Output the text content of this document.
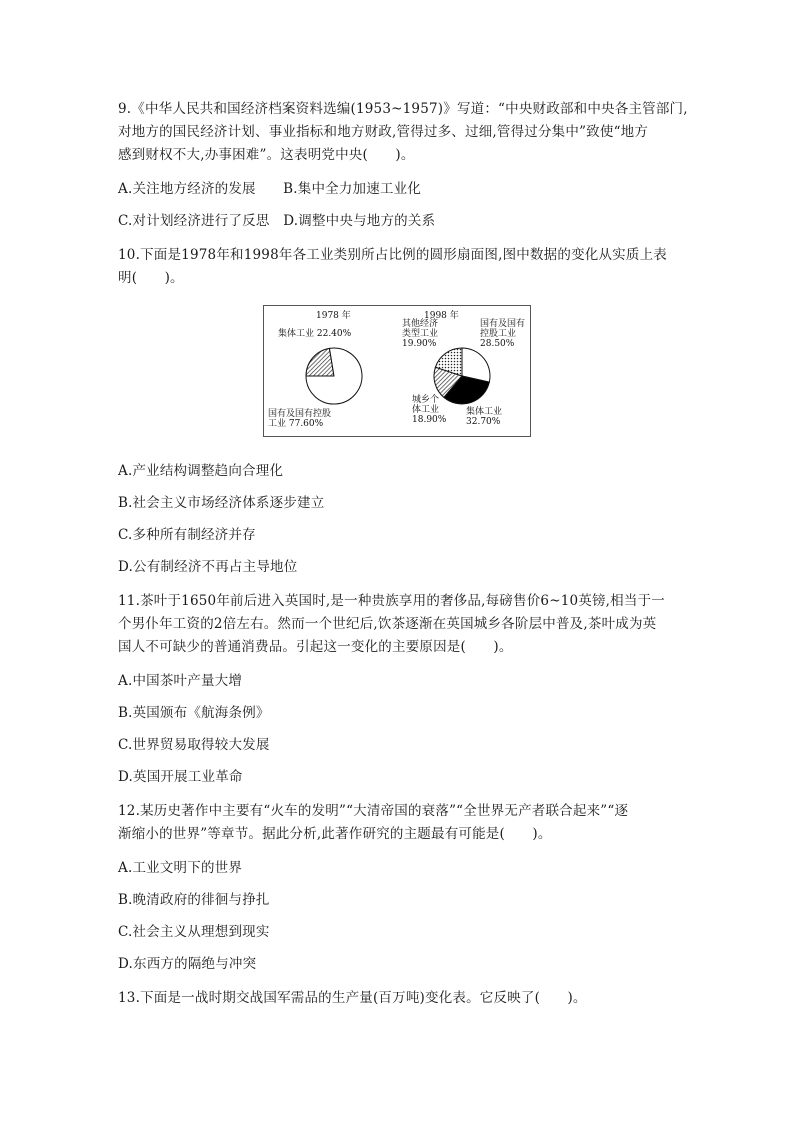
9.《中华人民共和国经济档案资料选编(1953~1957)》写道：“中央财政部和中央各主管部门,
对地方的国民经济计划、事业指标和地方财政,管得过多、过细,管得过分集中”致使“地方
感到财权不大,办事困难”。这表明党中央(　　)。
A.关注地方经济的发展　　B.集中全力加速工业化
C.对计划经济进行了反思　D.调整中央与地方的关系
10.下面是1978年和1998年各工业类别所占比例的圆形扇面图,图中数据的变化从实质上表
明(　　)。
A.产业结构调整趋向合理化
B.社会主义市场经济体系逐步建立
C.多种所有制经济并存
D.公有制经济不再占主导地位
11.茶叶于1650年前后进入英国时,是一种贵族享用的奢侈品,每磅售价6~10英镑,相当于一
个男仆年工资的2倍左右。然而一个世纪后,饮茶逐渐在英国城乡各阶层中普及,茶叶成为英
国人不可缺少的普通消费品。引起这一变化的主要原因是(　　)。
A.中国茶叶产量大增
B.英国颁布《航海条例》
C.世界贸易取得较大发展
D.英国开展工业革命
12.某历史著作中主要有“火车的发明”“大清帝国的衰落”“全世界无产者联合起来”“逐
渐缩小的世界”等章节。据此分析,此著作研究的主题最有可能是(　　)。
A.工业文明下的世界
B.晚清政府的徘徊与挣扎
C.社会主义从理想到现实
D.东西方的隔绝与冲突
13.下面是一战时期交战国军需品的生产量(百万吨)变化表。它反映了(　　)。
1978 年
集体工业 22.40%
国有及国有控股工业 77.60%
1998 年
国有及国有控股工业 28.50%
集体工业 32.70%
城乡个体工业 18.90%
其他经济类型工业 19.90%
